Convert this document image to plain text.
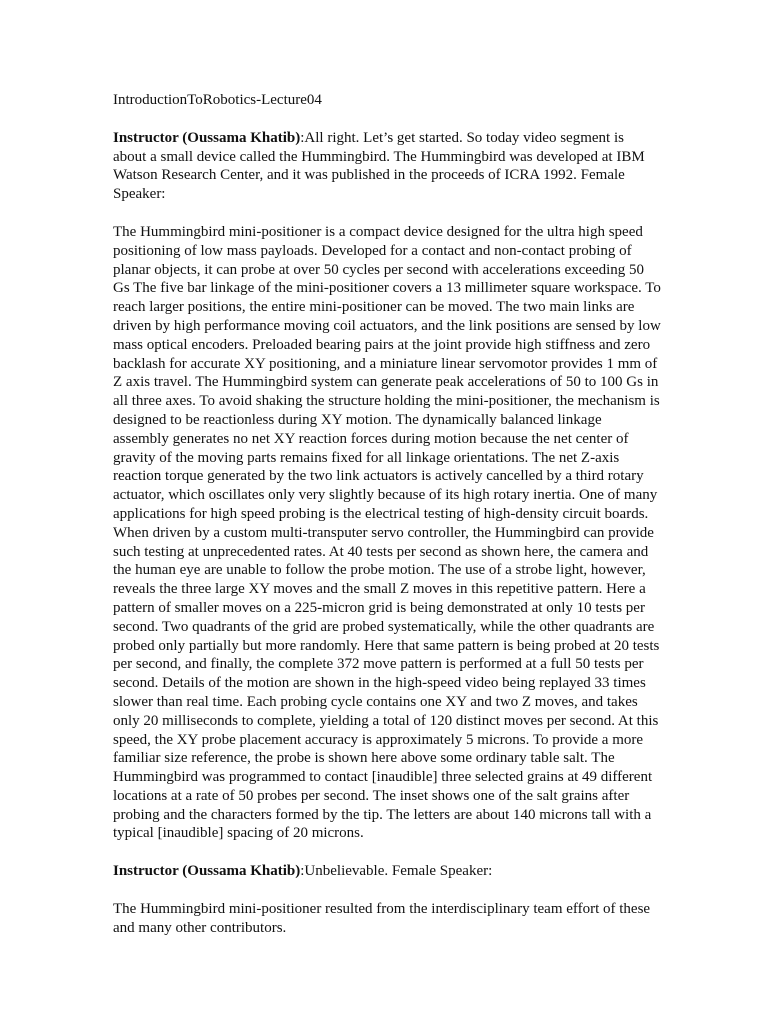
IntroductionToRobotics-Lecture04

Instructor (Oussama Khatib):All right. Let’s get started. So today video segment is about a small device called the Hummingbird. The Hummingbird was developed at IBM Watson Research Center, and it was published in the proceeds of ICRA 1992. Female Speaker:

The Hummingbird mini-positioner is a compact device designed for the ultra high speed positioning of low mass payloads. Developed for a contact and non-contact probing of planar objects, it can probe at over 50 cycles per second with accelerations exceeding 50 Gs The five bar linkage of the mini-positioner covers a 13 millimeter square workspace. To reach larger positions, the entire mini-positioner can be moved. The two main links are driven by high performance moving coil actuators, and the link positions are sensed by low mass optical encoders. Preloaded bearing pairs at the joint provide high stiffness and zero backlash for accurate XY positioning, and a miniature linear servomotor provides 1 mm of Z axis travel. The Hummingbird system can generate peak accelerations of 50 to 100 Gs in all three axes. To avoid shaking the structure holding the mini-positioner, the mechanism is designed to be reactionless during XY motion. The dynamically balanced linkage assembly generates no net XY reaction forces during motion because the net center of gravity of the moving parts remains fixed for all linkage orientations. The net Z-axis reaction torque generated by the two link actuators is actively cancelled by a third rotary actuator, which oscillates only very slightly because of its high rotary inertia. One of many applications for high speed probing is the electrical testing of high-density circuit boards. When driven by a custom multi-transputer servo controller, the Hummingbird can provide such testing at unprecedented rates. At 40 tests per second as shown here, the camera and the human eye are unable to follow the probe motion. The use of a strobe light, however, reveals the three large XY moves and the small Z moves in this repetitive pattern. Here a pattern of smaller moves on a 225-micron grid is being demonstrated at only 10 tests per second. Two quadrants of the grid are probed systematically, while the other quadrants are probed only partially but more randomly. Here that same pattern is being probed at 20 tests per second, and finally, the complete 372 move pattern is performed at a full 50 tests per second. Details of the motion are shown in the high-speed video being replayed 33 times slower than real time. Each probing cycle contains one XY and two Z moves, and takes only 20 milliseconds to complete, yielding a total of 120 distinct moves per second. At this speed, the XY probe placement accuracy is approximately 5 microns. To provide a more familiar size reference, the probe is shown here above some ordinary table salt. The Hummingbird was programmed to contact [inaudible] three selected grains at 49 different locations at a rate of 50 probes per second. The inset shows one of the salt grains after probing and the characters formed by the tip. The letters are about 140 microns tall with a typical [inaudible] spacing of 20 microns.

Instructor (Oussama Khatib):Unbelievable. Female Speaker:

The Hummingbird mini-positioner resulted from the interdisciplinary team effort of these and many other contributors.
